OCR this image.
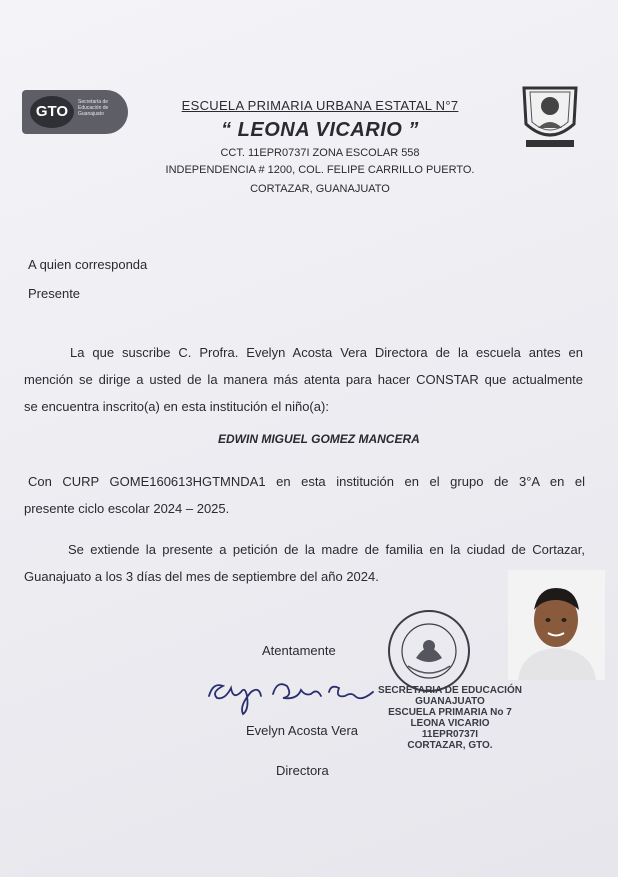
GTO
Secretaría de Educación de Guanajuato
ESCUELA PRIMARIA URBANA ESTATAL N°7
“ LEONA VICARIO ”
CCT. 11EPR0737I ZONA ESCOLAR 558
INDEPENDENCIA # 1200, COL. FELIPE CARRILLO PUERTO.
CORTAZAR, GUANAJUATO
A quien corresponda
Presente
La que suscribe C. Profra. Evelyn Acosta Vera Directora de la escuela antes en
mención se dirige a usted de la manera más atenta para hacer CONSTAR que actualmente
se encuentra inscrito(a) en esta institución el niño(a):
EDWIN MIGUEL GOMEZ MANCERA
Con CURP GOME160613HGTMNDA1 en esta institución en el grupo de 3°A en el
presente ciclo escolar 2024 – 2025.
Se extiende la presente a petición de la madre de familia en la ciudad de Cortazar,
Guanajuato a los 3 días del mes de septiembre del año 2024.
Atentamente
SECRETARIA DE EDUCACIÓN
GUANAJUATO
ESCUELA PRIMARIA No 7
LEONA VICARIO
11EPR0737I
CORTAZAR, GTO.
Evelyn Acosta Vera
Directora
